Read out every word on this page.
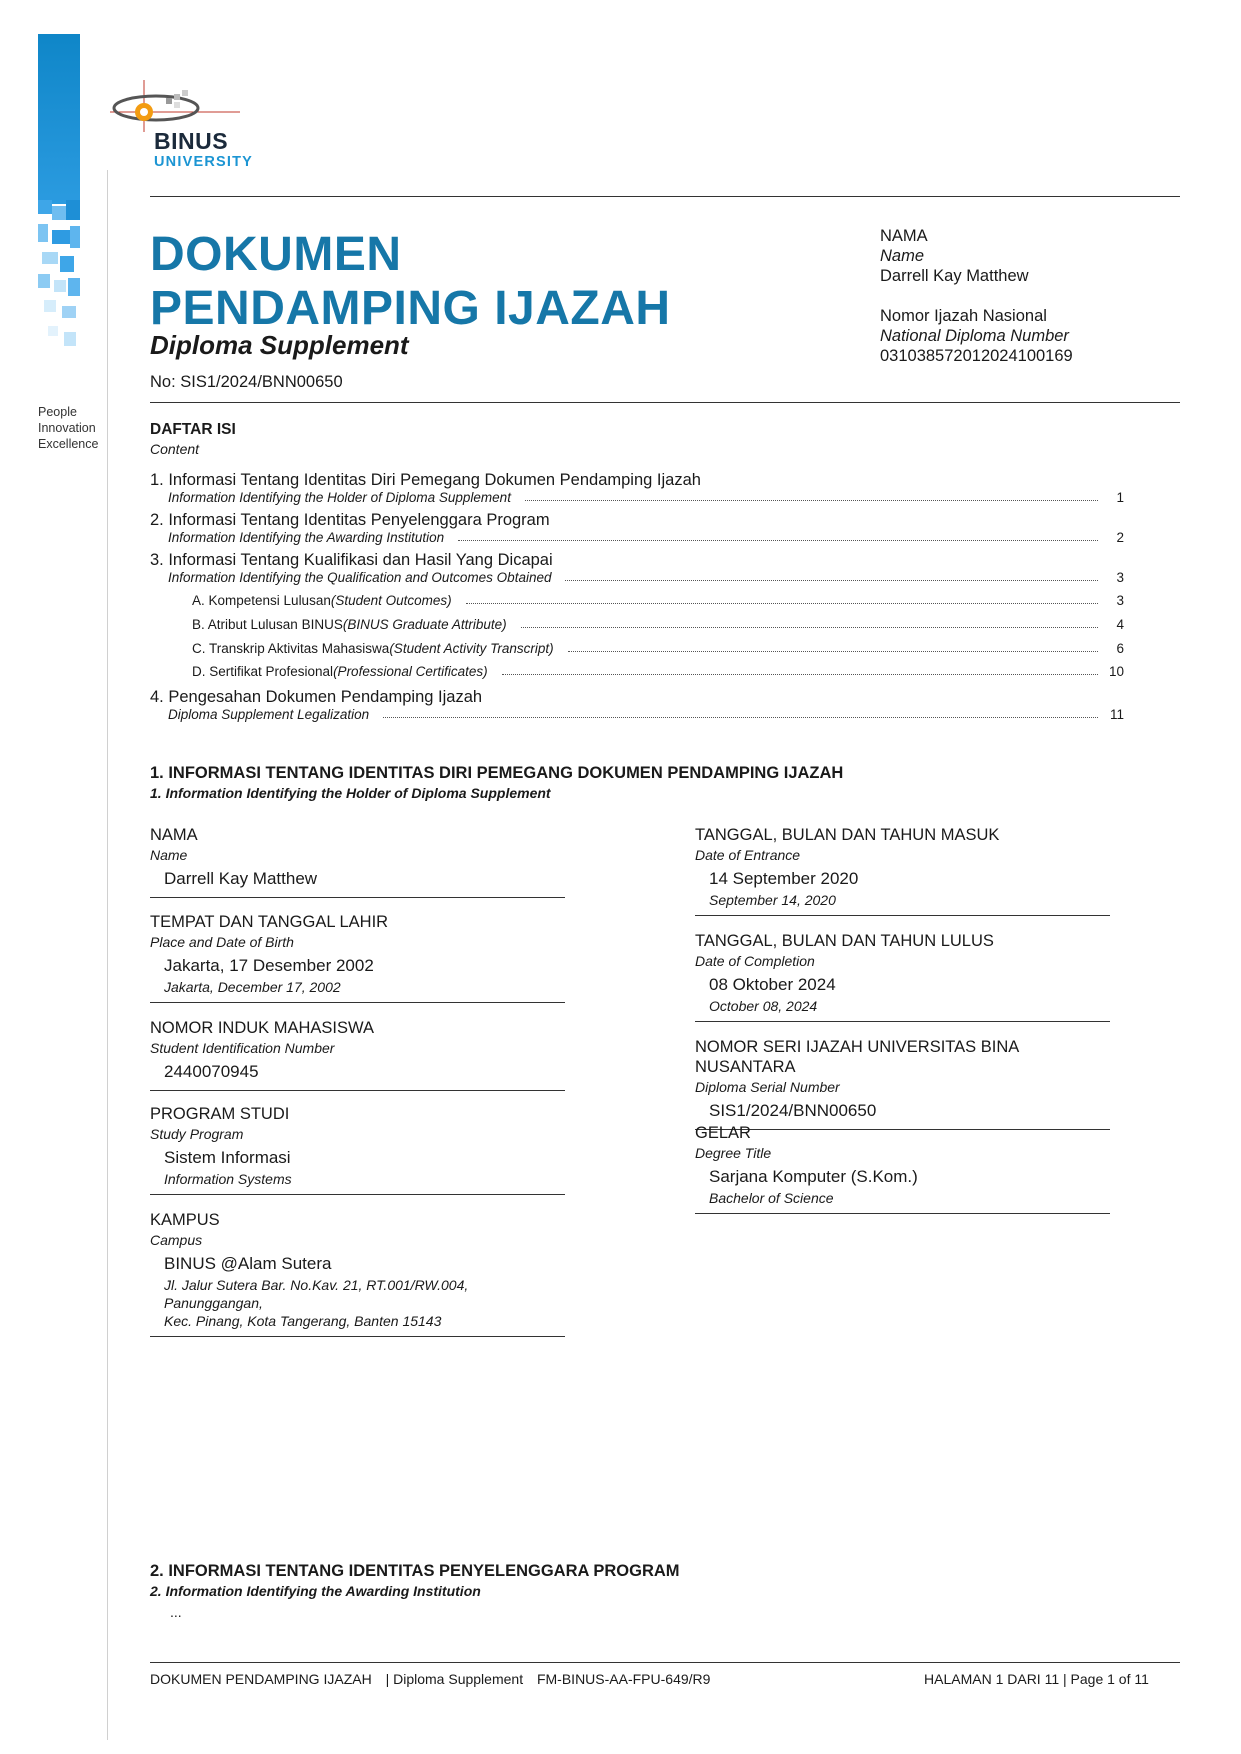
People
Innovation
Excellence
BINUS
UNIVERSITY
DOKUMEN
PENDAMPING IJAZAH
Diploma Supplement
No: SIS1/2024/BNN00650
NAMA
Name
Darrell Kay Matthew
Nomor Ijazah Nasional
National Diploma Number
031038572012024100169
DAFTAR ISI
Content
1. Informasi Tentang Identitas Diri Pemegang Dokumen Pendamping Ijazah
Information Identifying the Holder of Diploma Supplement	1
2. Informasi Tentang Identitas Penyelenggara Program
Information Identifying the Awarding Institution	2
3. Informasi Tentang Kualifikasi dan Hasil Yang Dicapai
Information Identifying the Qualification and Outcomes Obtained	3
A. Kompetensi Lulusan (Student Outcomes)	3
B. Atribut Lulusan BINUS (BINUS Graduate Attribute)	4
C. Transkrip Aktivitas Mahasiswa (Student Activity Transcript)	6
D. Sertifikat Profesional (Professional Certificates)	10
4. Pengesahan Dokumen Pendamping Ijazah
Diploma Supplement Legalization	11
1. INFORMASI TENTANG IDENTITAS DIRI PEMEGANG DOKUMEN PENDAMPING IJAZAH
1. Information Identifying the Holder of Diploma Supplement
NAMA
Name
Darrell Kay Matthew
TEMPAT DAN TANGGAL LAHIR
Place and Date of Birth
Jakarta, 17 Desember 2002
Jakarta, December 17, 2002
NOMOR INDUK MAHASISWA
Student Identification Number
2440070945
PROGRAM STUDI
Study Program
Sistem Informasi
Information Systems
KAMPUS
Campus
BINUS @Alam Sutera
Jl. Jalur Sutera Bar. No.Kav. 21, RT.001/RW.004, Panunggangan,
Kec. Pinang, Kota Tangerang, Banten 15143
TANGGAL, BULAN DAN TAHUN MASUK
Date of Entrance
14 September 2020
September 14, 2020
TANGGAL, BULAN DAN TAHUN LULUS
Date of Completion
08 Oktober 2024
October 08, 2024
NOMOR SERI IJAZAH UNIVERSITAS BINA NUSANTARA
Diploma Serial Number
SIS1/2024/BNN00650
GELAR
Degree Title
Sarjana Komputer (S.Kom.)
Bachelor of Science
2. INFORMASI TENTANG IDENTITAS PENYELENGGARA PROGRAM
2. Information Identifying the Awarding Institution
...
DOKUMEN PENDAMPING IJAZAH | Diploma Supplement FM-BINUS-AA-FPU-649/R9	HALAMAN 1 DARI 11 | Page 1 of 11
